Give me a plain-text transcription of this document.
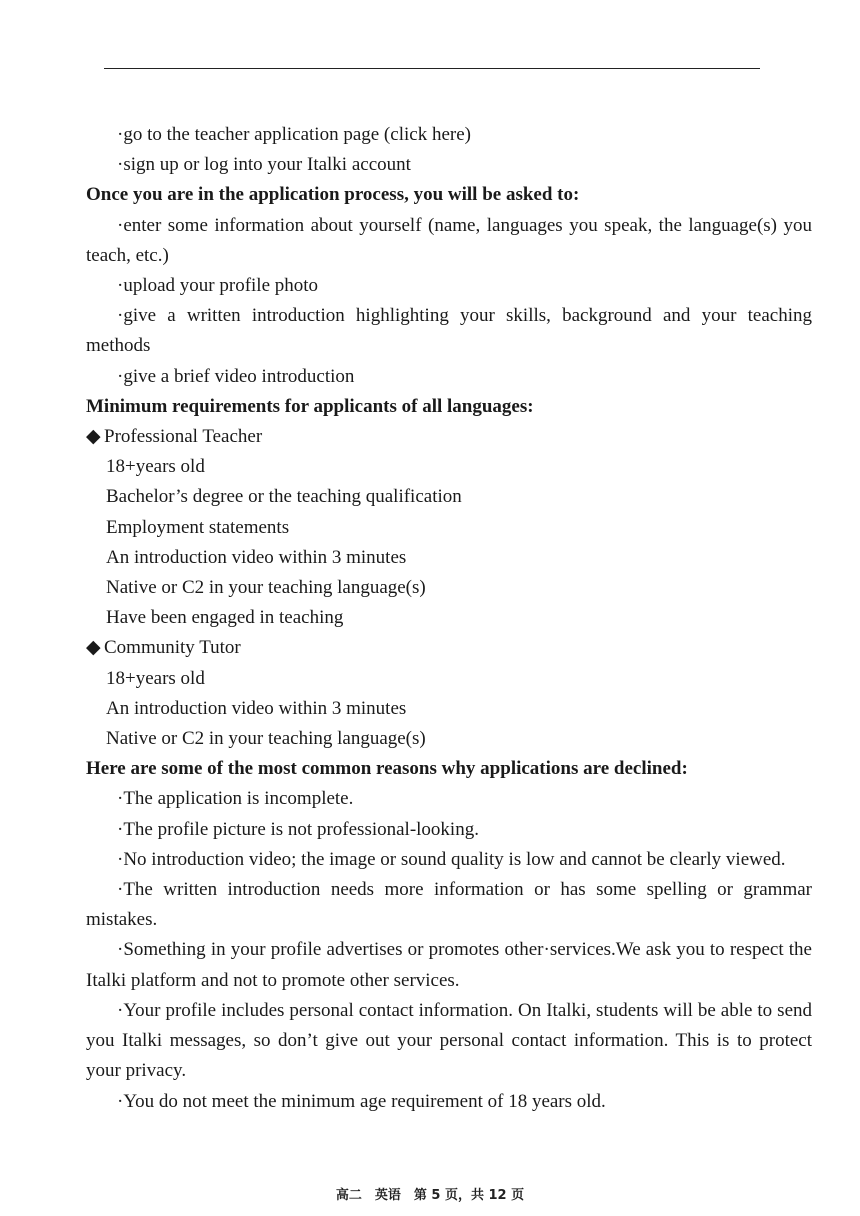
·go to the teacher application page (click here)

·sign up or log into your Italki account

Once you are in the application process, you will be asked to:

·enter some information about yourself (name, languages you speak, the language(s) you teach, etc.)

·upload your profile photo

·give a written introduction highlighting your skills, background and your teaching methods

·give a brief video introduction

Minimum requirements for applicants of all languages:

◆ Professional Teacher

18+years old

Bachelor’s degree or the teaching qualification

Employment statements

An introduction video within 3 minutes

Native or C2 in your teaching language(s)

Have been engaged in teaching

◆ Community Tutor

18+years old

An introduction video within 3 minutes

Native or C2 in your teaching language(s)

Here are some of the most common reasons why applications are declined:

·The application is incomplete.

·The profile picture is not professional-looking.

·No introduction video; the image or sound quality is low and cannot be clearly viewed.

·The written introduction needs more information or has some spelling or grammar mistakes.

·Something in your profile advertises or promotes other·services.We ask you to respect the Italki platform and not to promote other services.

·Your profile includes personal contact information. On Italki, students will be able to send you Italki messages, so don’t give out your personal contact information. This is to protect your privacy.

·You do not meet the minimum age requirement of 18 years old.

高二　英语　第 5 页，共 12 页
